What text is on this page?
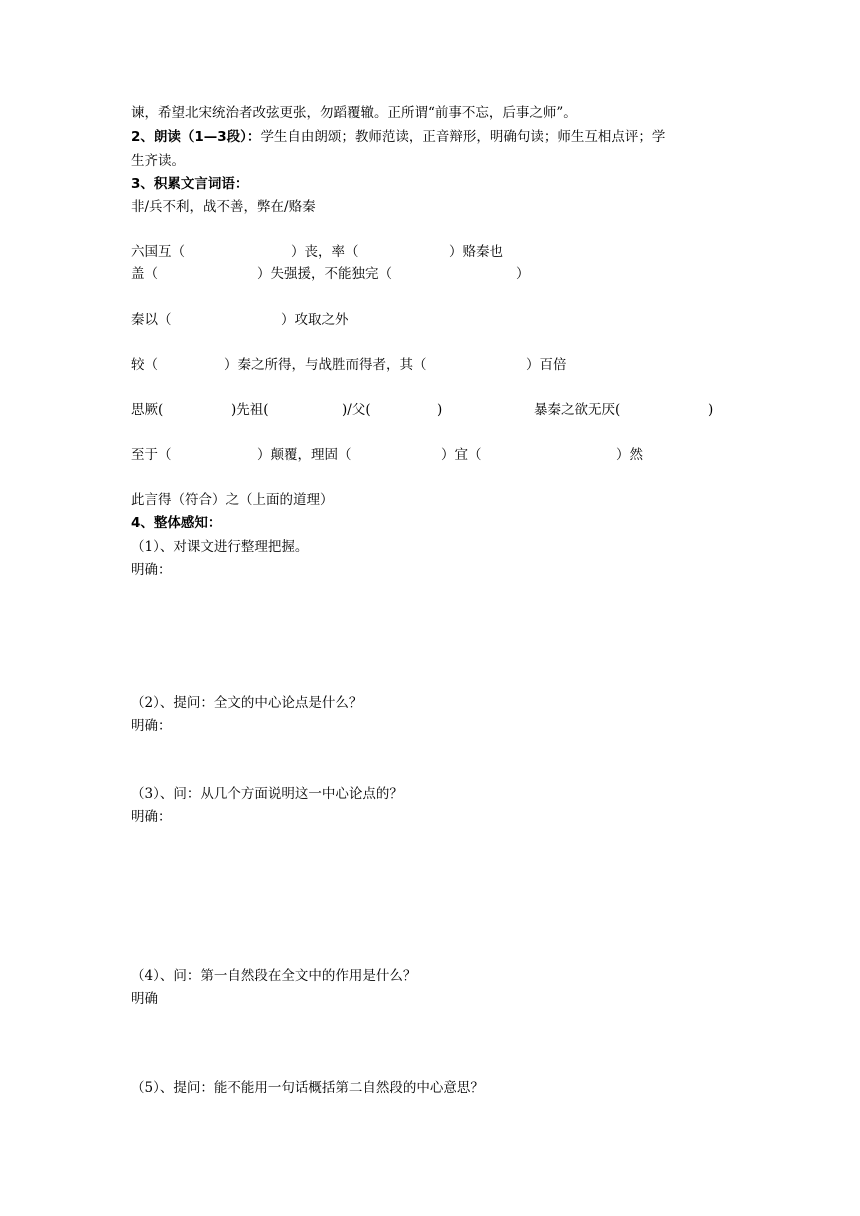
谏，希望北宋统治者改弦更张，勿蹈覆辙。正所谓“前事不忘，后事之师”。
2、朗读（1—3段）：学生自由朗颂；教师范读，正音辩形，明确句读；师生互相点评；学
生齐读。
3、积累文言词语：
非/兵不利，战不善，弊在/赂秦
六国互（	）丧，率（	）赂秦也
盖（	）失强援，不能独完（	）
秦以（	）攻取之外
较（	）秦之所得，与战胜而得者，其（	）百倍
思厥(	)先祖(	)/父(	)	暴秦之欲无厌(	)
至于（	）颠覆，理固（	）宜（	）然
此言得（符合）之（上面的道理）
4、整体感知：
（1）、对课文进行整理把握。
明确：
（2）、提问：全文的中心论点是什么？
明确：
（3）、问：从几个方面说明这一中心论点的？
明确：
（4）、问：第一自然段在全文中的作用是什么？
明确
（5）、提问：能不能用一句话概括第二自然段的中心意思？
